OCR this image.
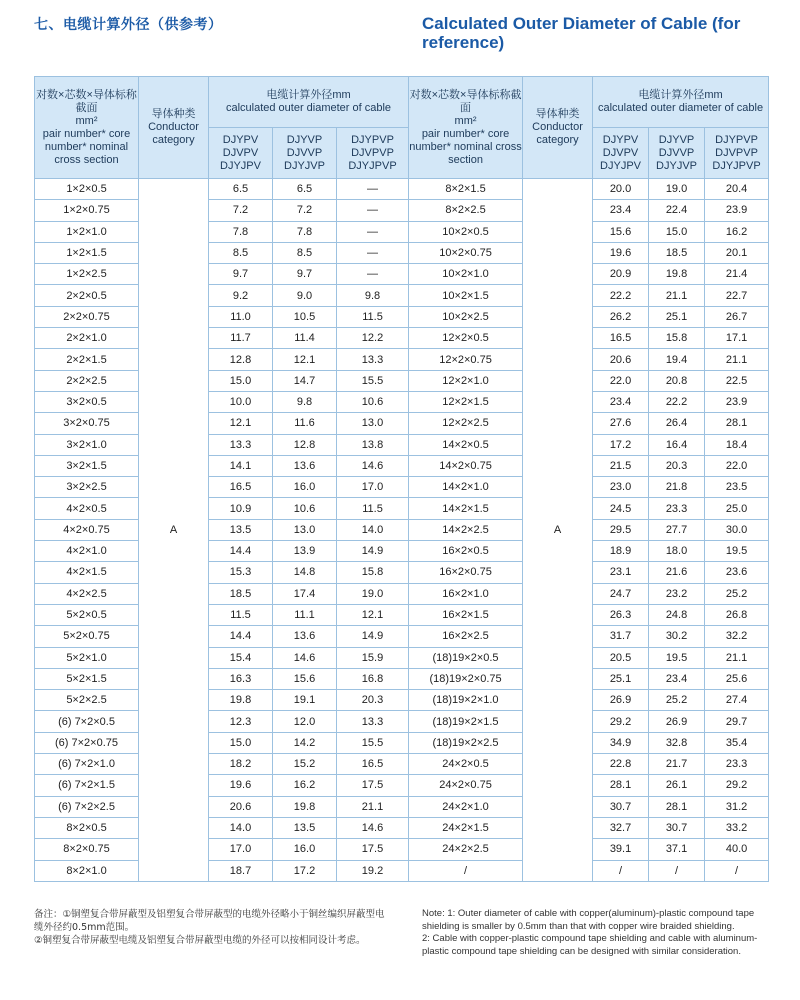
七、电缆计算外径（供参考）	Calculated Outer Diameter of Cable (for reference)
对数×芯数×导体标称截面
mm²
pair number* core number* nominal cross section	导体种类
Conductor category	电缆计算外径mm
calculated outer diameter of cable			对数×芯数×导体标称截面
mm²
pair number* core number* nominal cross section	导体种类
Conductor category	电缆计算外径mm
calculated outer diameter of cable		
		DJYPV DJVPV DJYJPV	DJYVP DJVVP DJYJVP	DJYPVP DJVPVP DJYJPVP			DJYPV DJVPV DJYJPV	DJYVP DJVVP DJYJVP	DJYPVP DJVPVP DJYJPVP
1×2×0.5	A	6.5	6.5	—	8×2×1.5	A	20.0	19.0	20.4
1×2×0.75		7.2	7.2	—	8×2×2.5		23.4	22.4	23.9
1×2×1.0		7.8	7.8	—	10×2×0.5		15.6	15.0	16.2
1×2×1.5		8.5	8.5	—	10×2×0.75		19.6	18.5	20.1
1×2×2.5		9.7	9.7	—	10×2×1.0		20.9	19.8	21.4
2×2×0.5		9.2	9.0	9.8	10×2×1.5		22.2	21.1	22.7
2×2×0.75		11.0	10.5	11.5	10×2×2.5		26.2	25.1	26.7
2×2×1.0		11.7	11.4	12.2	12×2×0.5		16.5	15.8	17.1
2×2×1.5		12.8	12.1	13.3	12×2×0.75		20.6	19.4	21.1
2×2×2.5		15.0	14.7	15.5	12×2×1.0		22.0	20.8	22.5
3×2×0.5		10.0	9.8	10.6	12×2×1.5		23.4	22.2	23.9
3×2×0.75		12.1	11.6	13.0	12×2×2.5		27.6	26.4	28.1
3×2×1.0		13.3	12.8	13.8	14×2×0.5		17.2	16.4	18.4
3×2×1.5		14.1	13.6	14.6	14×2×0.75		21.5	20.3	22.0
3×2×2.5		16.5	16.0	17.0	14×2×1.0		23.0	21.8	23.5
4×2×0.5		10.9	10.6	11.5	14×2×1.5		24.5	23.3	25.0
4×2×0.75		13.5	13.0	14.0	14×2×2.5		29.5	27.7	30.0
4×2×1.0		14.4	13.9	14.9	16×2×0.5		18.9	18.0	19.5
4×2×1.5		15.3	14.8	15.8	16×2×0.75		23.1	21.6	23.6
4×2×2.5		18.5	17.4	19.0	16×2×1.0		24.7	23.2	25.2
5×2×0.5		11.5	11.1	12.1	16×2×1.5		26.3	24.8	26.8
5×2×0.75		14.4	13.6	14.9	16×2×2.5		31.7	30.2	32.2
5×2×1.0		15.4	14.6	15.9	(18)19×2×0.5		20.5	19.5	21.1
5×2×1.5		16.3	15.6	16.8	(18)19×2×0.75		25.1	23.4	25.6
5×2×2.5		19.8	19.1	20.3	(18)19×2×1.0		26.9	25.2	27.4
(6) 7×2×0.5		12.3	12.0	13.3	(18)19×2×1.5		29.2	26.9	29.7
(6) 7×2×0.75		15.0	14.2	15.5	(18)19×2×2.5		34.9	32.8	35.4
(6) 7×2×1.0		18.2	15.2	16.5	24×2×0.5		22.8	21.7	23.3
(6) 7×2×1.5		19.6	16.2	17.5	24×2×0.75		28.1	26.1	29.2
(6) 7×2×2.5		20.6	19.8	21.1	24×2×1.0		30.7	28.1	31.2
8×2×0.5		14.0	13.5	14.6	24×2×1.5		32.7	30.7	33.2
8×2×0.75		17.0	16.0	17.5	24×2×2.5		39.1	37.1	40.0
8×2×1.0		18.7	17.2	19.2	/		/	/	/

备注：①铜塑复合带屏蔽型及铝塑复合带屏蔽型的电缆外径略小于铜丝编织屏蔽型电缆外径约0.5mm范围。

②铜塑复合带屏蔽型电缆及铝塑复合带屏蔽型电缆的外径可以按相同设计考虑。

Note: 1: Outer diameter of cable with copper(aluminum)-plastic compound tape shielding is smaller by 0.5mm than that with copper wire braided shielding.

2: Cable with copper-plastic compound tape shielding and cable with aluminum-plastic compound tape shielding can be designed with similar consideration.
